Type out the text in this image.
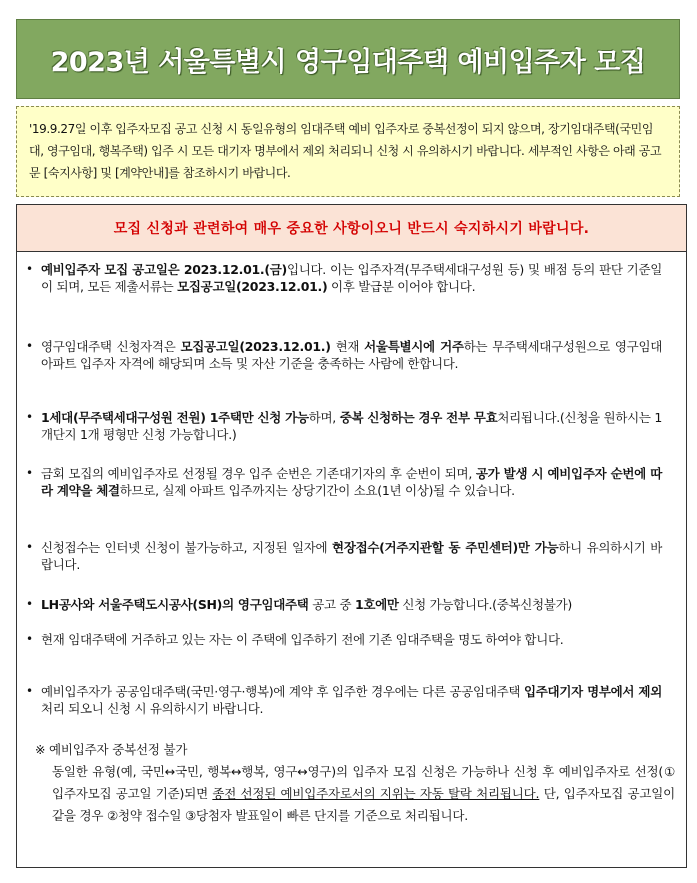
2023년 서울특별시 영구임대주택 예비입주자 모집
'19.9.27일 이후 입주자모집 공고 신청 시 동일유형의 임대주택 예비 입주자로 중복선정이 되지 않으며, 장기임대주택(국민임대, 영구임대, 행복주택) 입주 시 모든 대기자 명부에서 제외 처리되니 신청 시 유의하시기 바랍니다. 세부적인 사항은 아래 공고문 [숙지사항] 및 [계약안내]를 참조하시기 바랍니다.
모집 신청과 관련하여 매우 중요한 사항이오니 반드시 숙지하시기 바랍니다.
• 예비입주자 모집 공고일은 2023.12.01.(금)입니다. 이는 입주자격(무주택세대구성원 등) 및 배점 등의 판단 기준일이 되며, 모든 제출서류는 모집공고일(2023.12.01.) 이후 발급분 이어야 합니다.
• 영구임대주택 신청자격은 모집공고일(2023.12.01.) 현재 서울특별시에 거주하는 무주택세대구성원으로 영구임대아파트 입주자 자격에 해당되며 소득 및 자산 기준을 충족하는 사람에 한합니다.
• 1세대(무주택세대구성원 전원) 1주택만 신청 가능하며, 중복 신청하는 경우 전부 무효처리됩니다.(신청을 원하시는 1개단지 1개 평형만 신청 가능합니다.)
• 금회 모집의 예비입주자로 선정될 경우 입주 순번은 기존대기자의 후 순번이 되며, 공가 발생 시 예비입주자 순번에 따라 계약을 체결하므로, 실제 아파트 입주까지는 상당기간이 소요(1년 이상)될 수 있습니다.
• 신청접수는 인터넷 신청이 불가능하고, 지정된 일자에 현장접수(거주지관할 동 주민센터)만 가능하니 유의하시기 바랍니다.
• LH공사와 서울주택도시공사(SH)의 영구임대주택 공고 중 1호에만 신청 가능합니다.(중복신청불가)
• 현재 임대주택에 거주하고 있는 자는 이 주택에 입주하기 전에 기존 임대주택을 명도 하여야 합니다.
• 예비입주자가 공공임대주택(국민·영구·행복)에 계약 후 입주한 경우에는 다른 공공임대주택 입주대기자 명부에서 제외처리 되오니 신청 시 유의하시기 바랍니다.
※ 예비입주자 중복선정 불가
동일한 유형(예, 국민↔국민, 행복↔행복, 영구↔영구)의 입주자 모집 신청은 가능하나 신청 후 예비입주자로 선정(①입주자모집 공고일 기준)되면 종전 선정된 예비입주자로서의 지위는 자동 탈락 처리됩니다. 단, 입주자모집 공고일이 같을 경우 ②청약 접수일 ③당첨자 발표일이 빠른 단지를 기준으로 처리됩니다.
